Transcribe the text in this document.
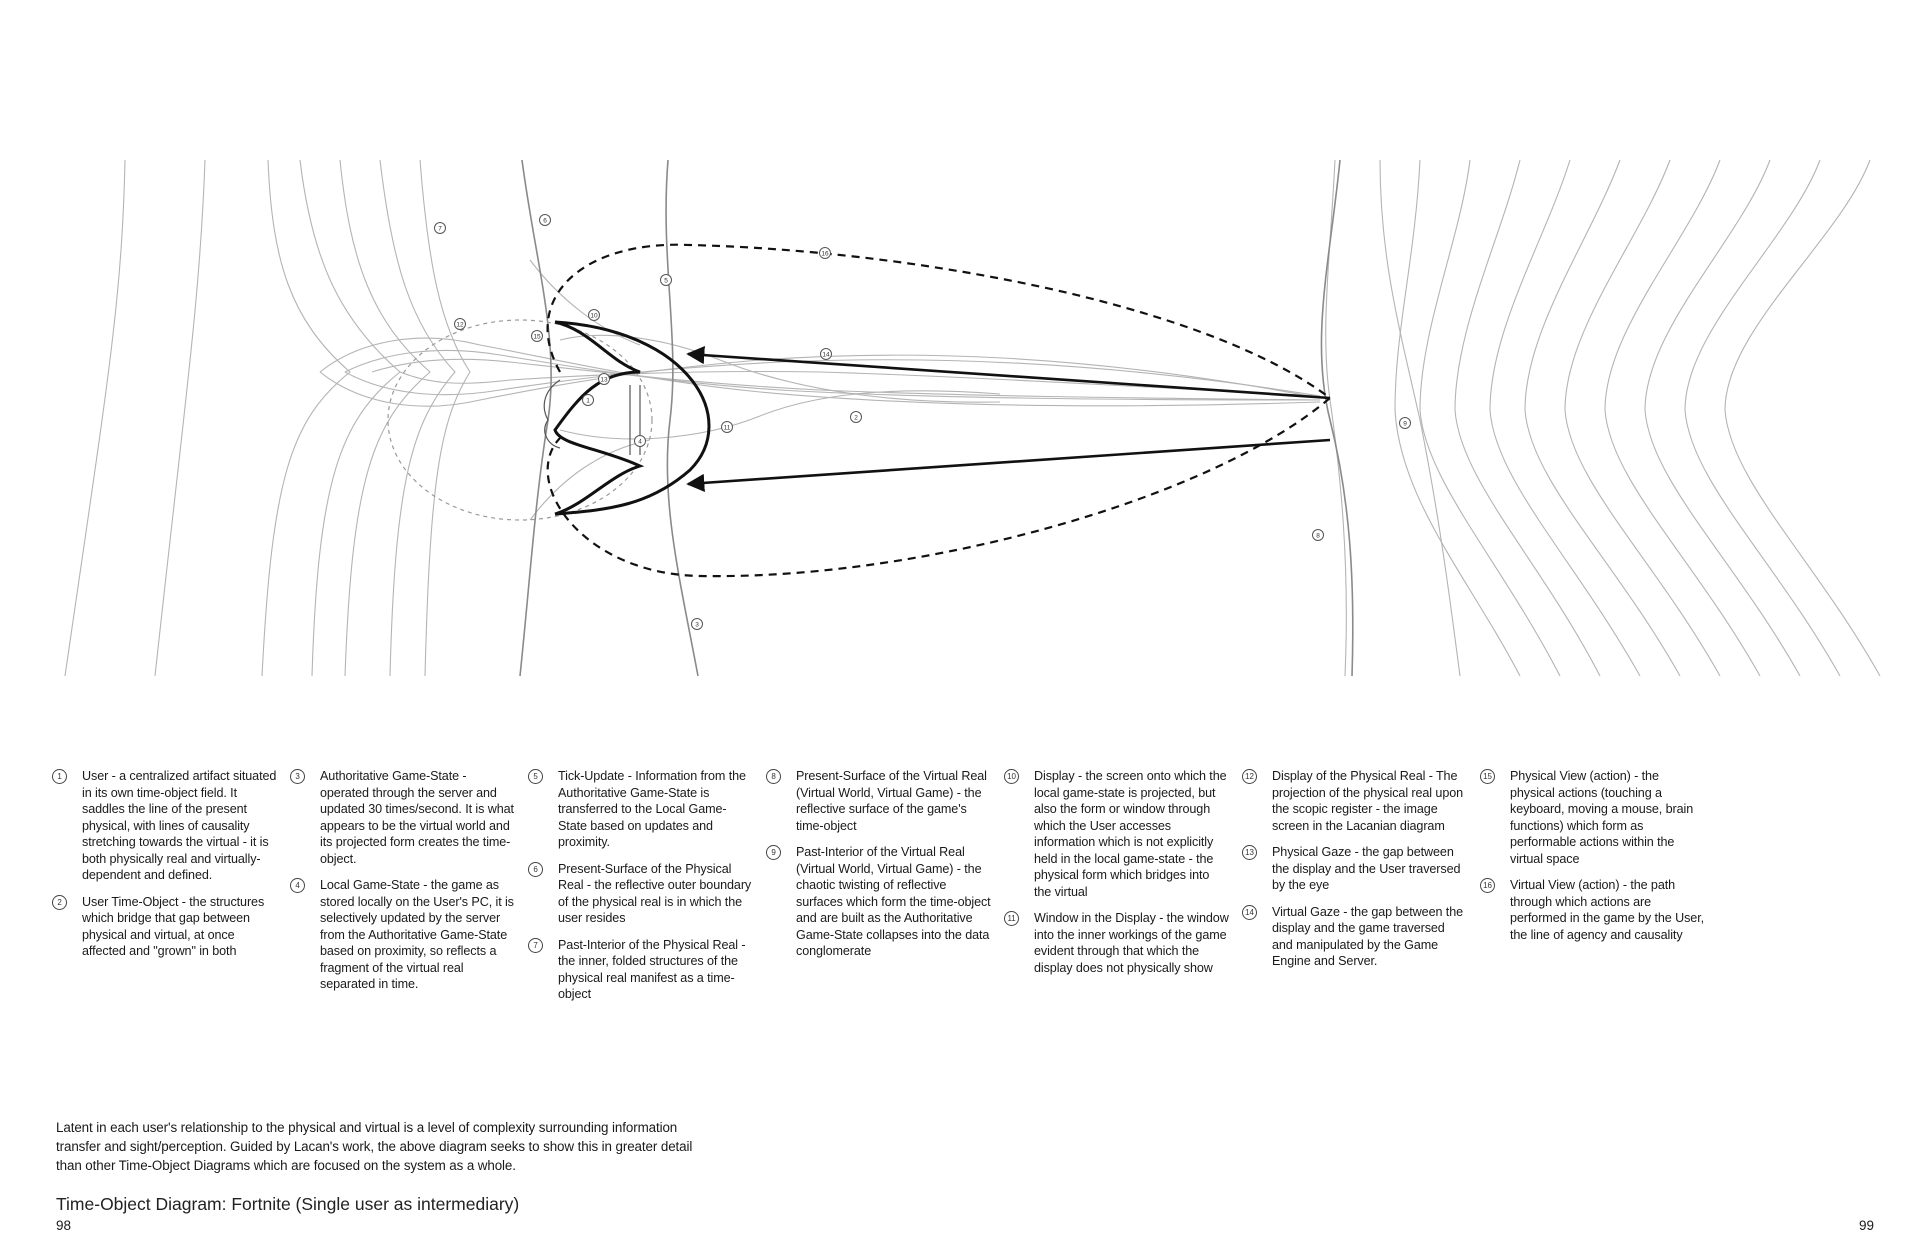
1
2
3
4
5
6
7
8
9
10
11
12
13
14
15
16
1	User - a centralized artifact situated in its own time-object field. It saddles the line of the present physical, with lines of causality stretching towards the virtual - it is both physically real and virtually-dependent and defined.
2	User Time-Object - the structures which bridge that gap between physical and virtual, at once affected and "grown" in both
3	Authoritative Game-State - operated through the server and updated 30 times/second. It is what appears to be the virtual world and its projected form creates the time-object.
4	Local Game-State - the game as stored locally on the User's PC, it is selectively updated by the server from the Authoritative Game-State based on proximity, so reflects a fragment of the virtual real separated in time.
5	Tick-Update - Information from the Authoritative Game-State is transferred to the Local Game-State based on updates and proximity.
6	Present-Surface of the Physical Real - the reflective outer boundary of the physical real is in which the user resides
7	Past-Interior of the Physical Real - the inner, folded structures of the physical real manifest as a time-object
8	Present-Surface of the Virtual Real (Virtual World, Virtual Game) - the reflective surface of the game's time-object
9	Past-Interior of the Virtual Real (Virtual World, Virtual Game) - the chaotic twisting of reflective surfaces which form the time-object and are built as the Authoritative Game-State collapses into the data conglomerate
10 Display - the screen onto which the local game-state is projected, but also the form or window through which the User accesses information which is not explicitly held in the local game-state - the physical form which bridges into the virtual
11 Window in the Display - the window into the inner workings of the game evident through that which the display does not physically show
12 Display of the Physical Real - The projection of the physical real upon the scopic register - the image screen in the Lacanian diagram
13 Physical Gaze - the gap between the display and the User traversed by the eye
14 Virtual Gaze - the gap between the display and the game traversed and manipulated by the Game Engine and Server.
15 Physical View (action) - the physical actions (touching a keyboard, moving a mouse, brain functions) which form as performable actions within the virtual space
16 Virtual View (action) - the path through which actions are performed in the game by the User, the line of agency and causality
Latent in each user's relationship to the physical and virtual is a level of complexity surrounding information transfer and sight/perception. Guided by Lacan's work, the above diagram seeks to show this in greater detail than other Time-Object Diagrams which are focused on the system as a whole.
Time-Object Diagram: Fortnite (Single user as intermediary)
98	99
